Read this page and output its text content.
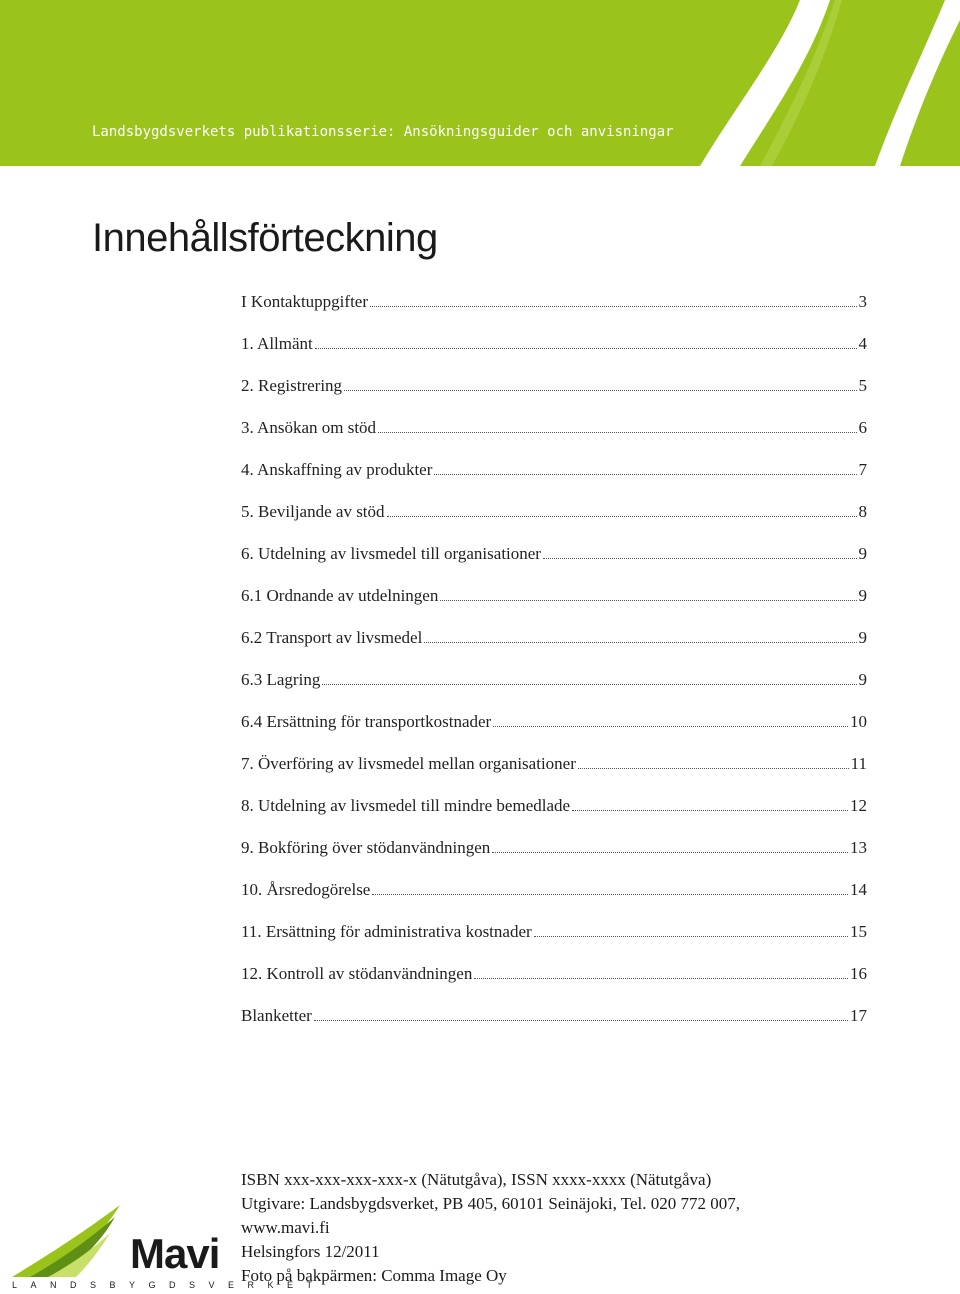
Landsbygdsverkets publikationsserie: Ansökningsguider och anvisningar
Innehållsförteckning
I Kontaktuppgifter	3
1. Allmänt	4
2. Registrering	5
3. Ansökan om stöd	6
4. Anskaffning av produkter	7
5. Beviljande av stöd	8
6. Utdelning av livsmedel till organisationer	9
6.1 Ordnande av utdelningen	9
6.2 Transport av livsmedel	9
6.3 Lagring	9
6.4 Ersättning för transportkostnader	10
7. Överföring av livsmedel mellan organisationer	11
8. Utdelning av livsmedel till mindre bemedlade	12
9. Bokföring över stödanvändningen	13
10. Årsredogörelse	14
11. Ersättning för administrativa kostnader	15
12. Kontroll av stödanvändningen	16
Blanketter	17
ISBN xxx-xxx-xxx-xxx-x (Nätutgåva), ISSN xxxx-xxxx (Nätutgåva)
Utgivare: Landsbygdsverket, PB 405, 60101 Seinäjoki, Tel. 020 772 007,
www.mavi.fi
Helsingfors 12/2011
Foto på bakpärmen: Comma Image Oy
Mavi
LANDSBYGDSVERKET
